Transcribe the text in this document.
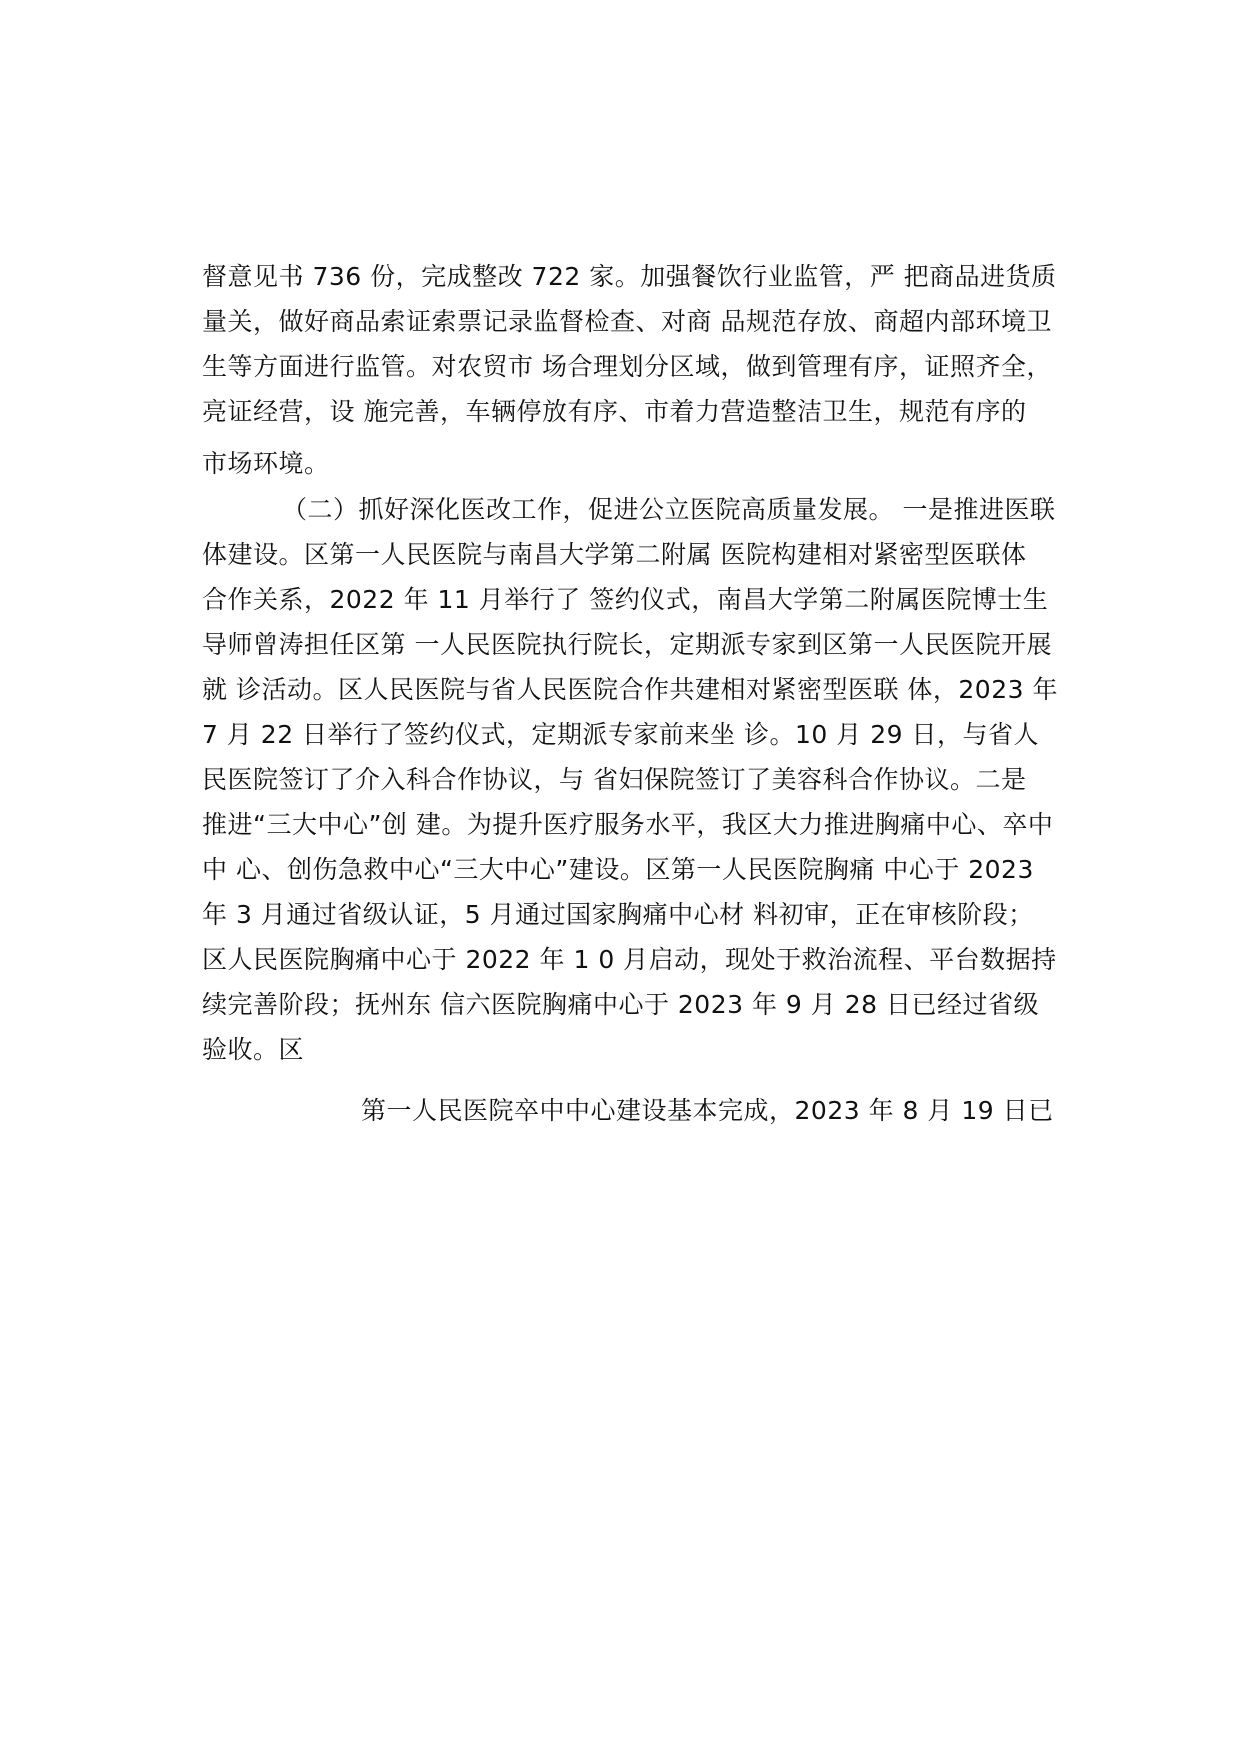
督意见书 736 份，完成整改 722 家。加强餐饮行业监管，严 把商品进货质
量关，做好商品索证索票记录监督检查、对商 品规范存放、商超内部环境卫
生等方面进行监管。对农贸市 场合理划分区域，做到管理有序，证照齐全，
亮证经营，设 施完善，车辆停放有序、市着力营造整洁卫生，规范有序的
市场环境。
（二）抓好深化医改工作，促进公立医院高质量发展。 一是推进医联
体建设。区第一人民医院与南昌大学第二附属 医院构建相对紧密型医联体
合作关系，2022 年 11 月举行了 签约仪式，南昌大学第二附属医院博士生
导师曾涛担任区第 一人民医院执行院长，定期派专家到区第一人民医院开展
就 诊活动。区人民医院与省人民医院合作共建相对紧密型医联 体，2023 年
7 月 22 日举行了签约仪式，定期派专家前来坐 诊。10 月 29 日，与省人
民医院签订了介入科合作协议，与 省妇保院签订了美容科合作协议。二是
推进“三大中心”创 建。为提升医疗服务水平，我区大力推进胸痛中心、卒中
中 心、创伤急救中心“三大中心”建设。区第一人民医院胸痛 中心于 2023
年 3 月通过省级认证，5 月通过国家胸痛中心材 料初审，正在审核阶段；
区人民医院胸痛中心于 2022 年 1 0 月启动，现处于救治流程、平台数据持
续完善阶段；抚州东 信六医院胸痛中心于 2023 年 9 月 28 日已经过省级
验收。区
第一人民医院卒中中心建设基本完成，2023 年 8 月 19 日已
